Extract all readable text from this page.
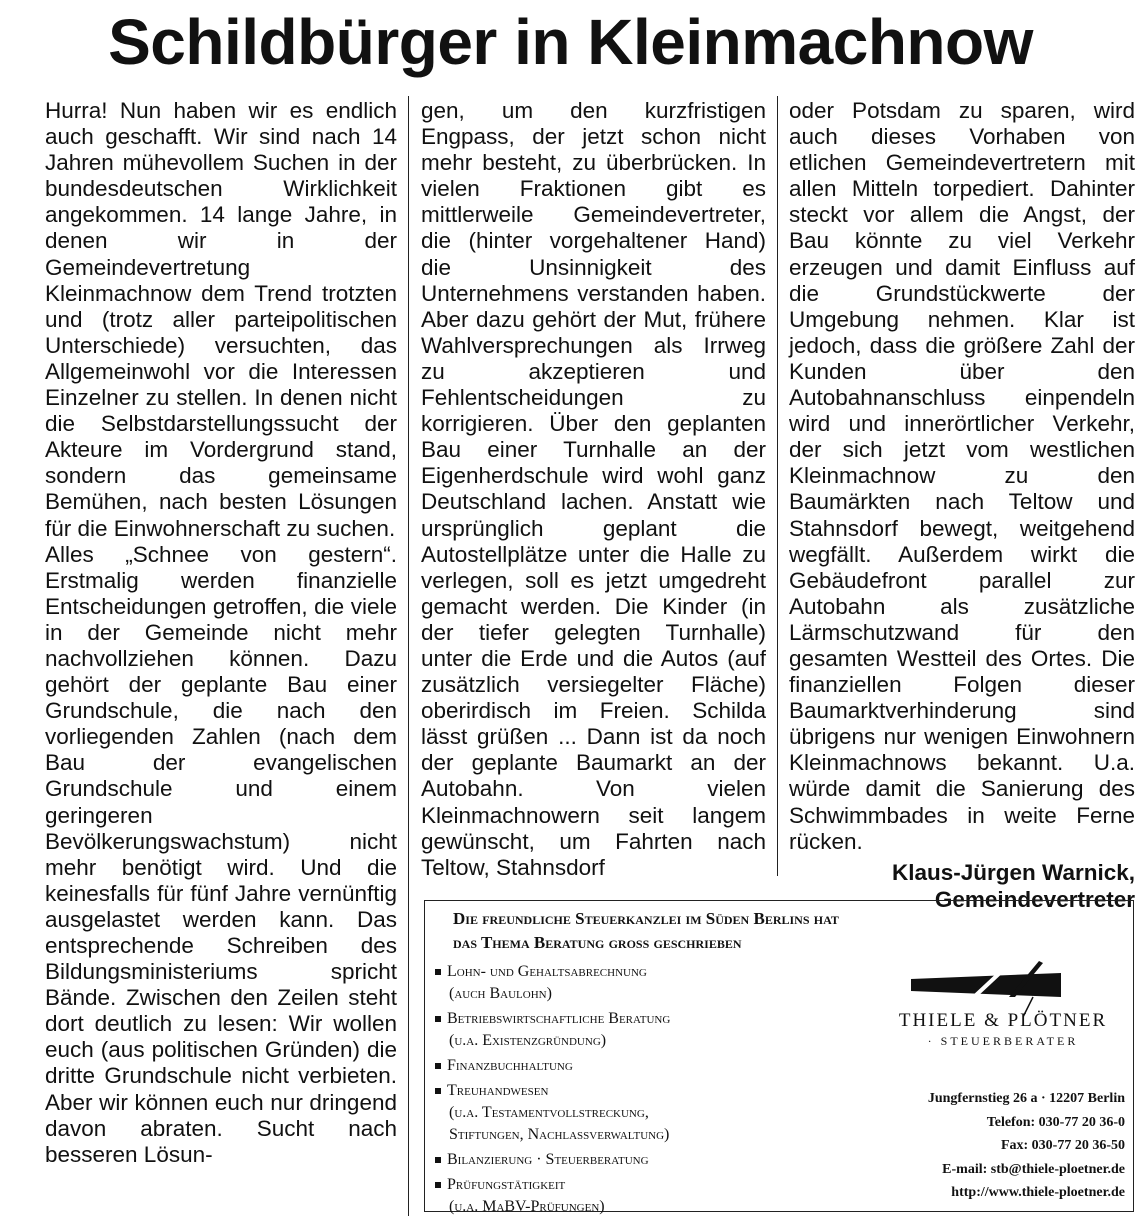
Schildbürger in Kleinmachnow

Hurra! Nun haben wir es endlich auch geschafft. Wir sind nach 14 Jahren mühevollem Suchen in der bundesdeutschen Wirklichkeit angekommen. 14 lange Jahre, in denen wir in der Gemeindevertretung Kleinmachnow dem Trend trotzten und (trotz aller parteipolitischen Unterschiede) versuchten, das Allgemeinwohl vor die Interessen Einzelner zu stellen. In denen nicht die Selbstdarstellungssucht der Akteure im Vordergrund stand, sondern das gemeinsame Bemühen, nach besten Lösungen für die Einwohnerschaft zu suchen.

Alles „Schnee von gestern“. Erstmalig werden finanzielle Entscheidungen getroffen, die viele in der Gemeinde nicht mehr nachvollziehen können. Dazu gehört der geplante Bau einer Grundschule, die nach den vorliegenden Zahlen (nach dem Bau der evangelischen Grundschule und einem geringeren Bevölkerungswachstum) nicht mehr benötigt wird. Und die keinesfalls für fünf Jahre vernünftig ausgelastet werden kann. Das entsprechende Schreiben des Bildungsministeriums spricht Bände. Zwischen den Zeilen steht dort deutlich zu lesen: Wir wollen euch (aus politischen Gründen) die dritte Grundschule nicht verbieten. Aber wir können euch nur dringend davon abraten. Sucht nach besseren Lösun-

gen, um den kurzfristigen Engpass, der jetzt schon nicht mehr besteht, zu überbrücken. In vielen Fraktionen gibt es mittlerweile Gemeindevertreter, die (hinter vorgehaltener Hand) die Unsinnigkeit des Unternehmens verstanden haben. Aber dazu gehört der Mut, frühere Wahlversprechungen als Irrweg zu akzeptieren und Fehlentscheidungen zu korrigieren. Über den geplanten Bau einer Turnhalle an der Eigenherdschule wird wohl ganz Deutschland lachen. Anstatt wie ursprünglich geplant die Autostellplätze unter die Halle zu verlegen, soll es jetzt umgedreht gemacht werden. Die Kinder (in der tiefer gelegten Turnhalle) unter die Erde und die Autos (auf zusätzlich versiegelter Fläche) oberirdisch im Freien. Schilda lässt grüßen ... Dann ist da noch der geplante Baumarkt an der Autobahn. Von vielen Kleinmachnowern seit langem gewünscht, um Fahrten nach Teltow, Stahnsdorf

oder Potsdam zu sparen, wird auch dieses Vorhaben von etlichen Gemeindevertretern mit allen Mitteln torpediert. Dahinter steckt vor allem die Angst, der Bau könnte zu viel Verkehr erzeugen und damit Einfluss auf die Grundstückwerte der Umgebung nehmen. Klar ist jedoch, dass die größere Zahl der Kunden über den Autobahnanschluss einpendeln wird und innerörtlicher Verkehr, der sich jetzt vom westlichen Kleinmachnow zu den Baumärkten nach Teltow und Stahnsdorf bewegt, weitgehend wegfällt. Außerdem wirkt die Gebäudefront parallel zur Autobahn als zusätzliche Lärmschutzwand für den gesamten Westteil des Ortes. Die finanziellen Folgen dieser Baumarktverhinderung sind übrigens nur wenigen Einwohnern Kleinmachnows bekannt. U.a. würde damit die Sanierung des Schwimmbades in weite Ferne rücken.

Klaus-Jürgen Warnick,
Gemeindevertreter
Die freundliche Steuerkanzlei im Süden Berlins hat
das Thema Beratung gross geschrieben
Lohn- und Gehaltsabrechnung
(auch Baulohn)
Betriebswirtschaftliche Beratung
(u.a. Existenzgründung)
Finanzbuchhaltung
Treuhandwesen
(u.a. Testamentvollstreckung,
Stiftungen, Nachlassverwaltung)
Bilanzierung · Steuerberatung
Prüfungstätigkeit
(u.a. MaBV-Prüfungen)
THIELE & PLÖTNER
· STEUERBERATER
Jungfernstieg 26 a · 12207 Berlin
Telefon: 030-77 20 36-0
Fax: 030-77 20 36-50
E-mail: stb@thiele-ploetner.de
http://www.thiele-ploetner.de
